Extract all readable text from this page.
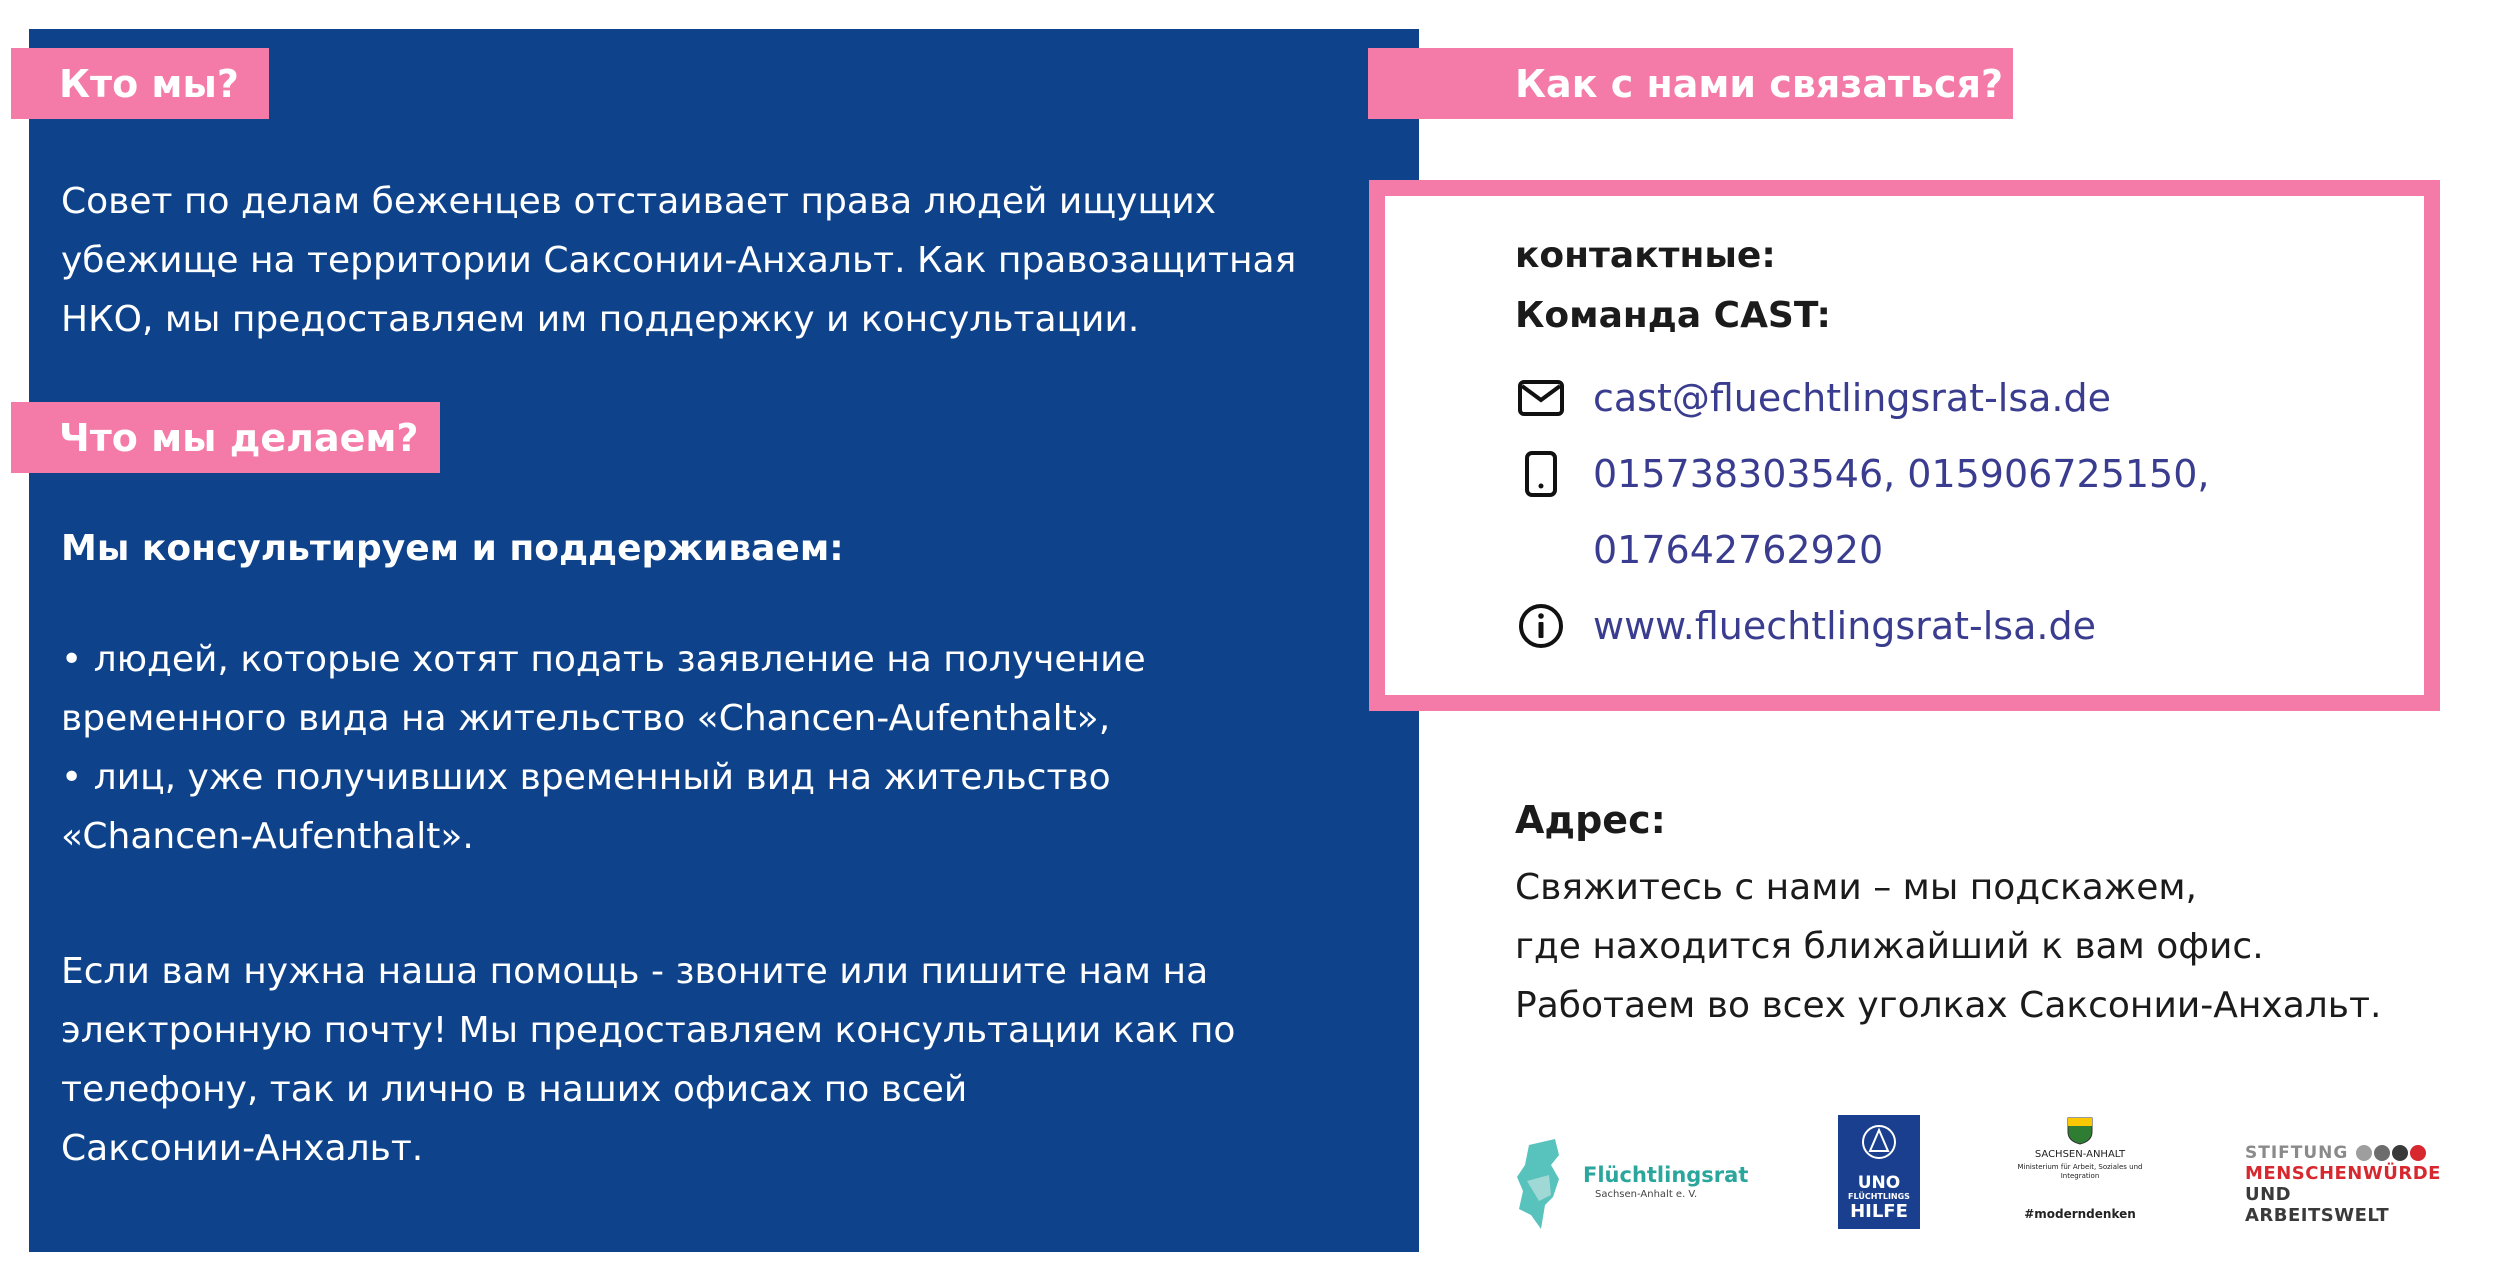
Кто мы?
Совет по делам беженцев отстаивает права людей ищущих
убежище на территории Саксонии-Анхальт. Как правозащитная
НКО, мы предоставляем им поддержку и консультации.
Что мы делаем?
Мы консультируем и поддерживаем:
• людей, которые хотят подать заявление на получение
временного вида на жительство «Chancen-Aufenthalt»,
• лиц, уже получивших временный вид на жительство
«Chancen-Aufenthalt».
Если вам нужна наша помощь - звоните или пишите нам на
электронную почту! Мы предоставляем консультации как по
телефону, так и лично в наших офисах по всей
Саксонии-Анхальт.
Как с нами связаться?
контактные:
Команда CAST:
cast@fluechtlingsrat-lsa.de
015738303546, 015906725150,
017642762920
www.fluechtlingsrat-lsa.de
Адрес:
Свяжитесь с нами – мы подскажем,
где находится ближайший к вам офис.
Работаем во всех уголках Саксонии-Анхальт.
Flüchtlingsrat
Sachsen-Anhalt e. V.
UNO
FLÜCHTLINGS
HILFE
SACHSEN-ANHALT
Ministerium für Arbeit, Soziales und Integration
#moderndenken
STIFTUNG
MENSCHENWÜRDE
UND ARBEITSWELT
